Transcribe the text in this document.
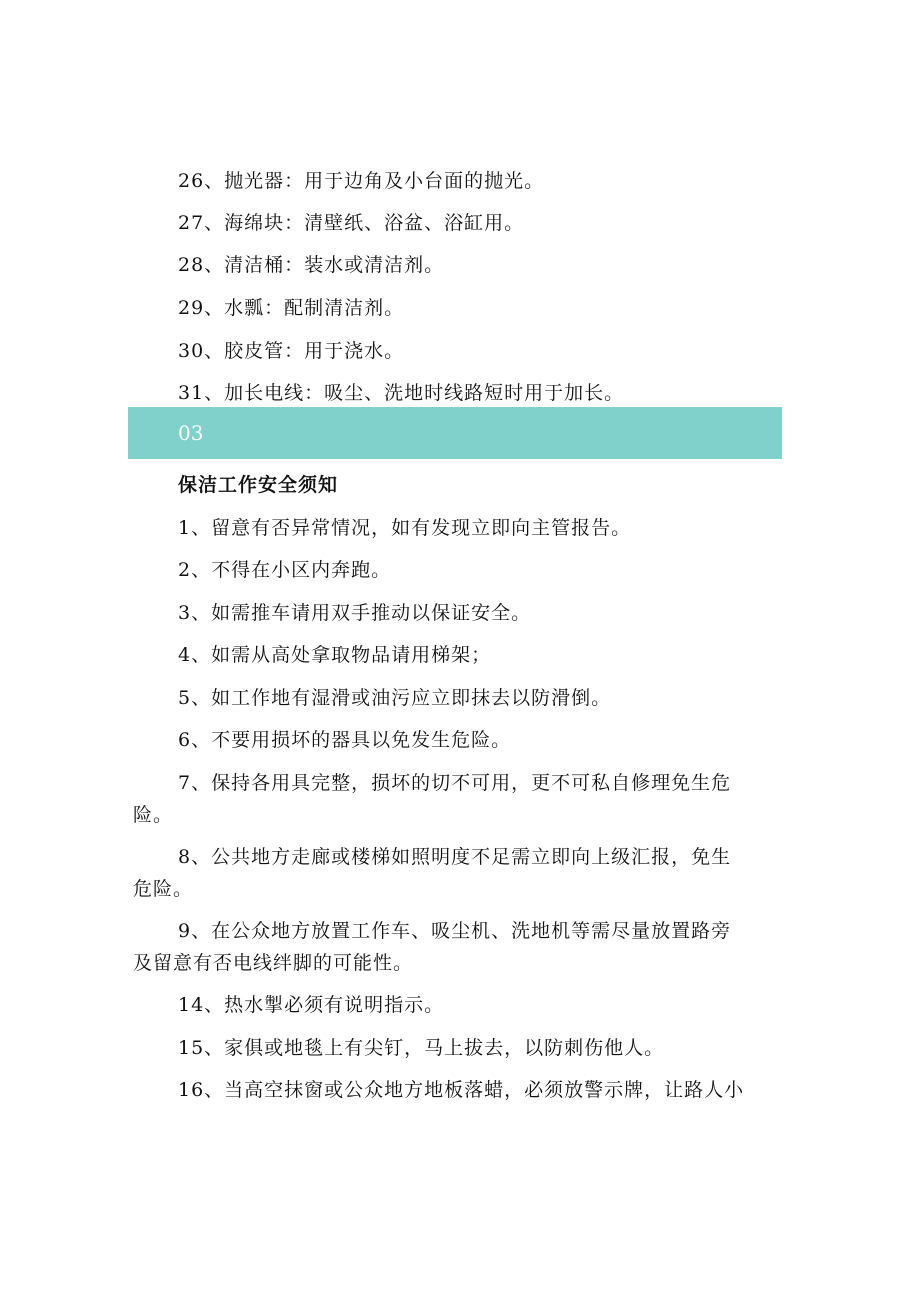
26、抛光器：用于边角及小台面的抛光。
27、海绵块：清壁纸、浴盆、浴缸用。
28、清洁桶：装水或清洁剂。
29、水瓢：配制清洁剂。
30、胶皮管：用于浇水。
31、加长电线：吸尘、洗地时线路短时用于加长。
03
保洁工作安全须知
1、留意有否异常情况，如有发现立即向主管报告。
2、不得在小区内奔跑。
3、如需推车请用双手推动以保证安全。
4、如需从高处拿取物品请用梯架；
5、如工作地有湿滑或油污应立即抹去以防滑倒。
6、不要用损坏的器具以免发生危险。
7、保持各用具完整，损坏的切不可用，更不可私自修理免生危
险。
8、公共地方走廊或楼梯如照明度不足需立即向上级汇报，免生
危险。
9、在公众地方放置工作车、吸尘机、洗地机等需尽量放置路旁
及留意有否电线绊脚的可能性。
14、热水掣必须有说明指示。
15、家俱或地毯上有尖钉，马上拔去，以防刺伤他人。
16、当高空抹窗或公众地方地板落蜡，必须放警示牌，让路人小
